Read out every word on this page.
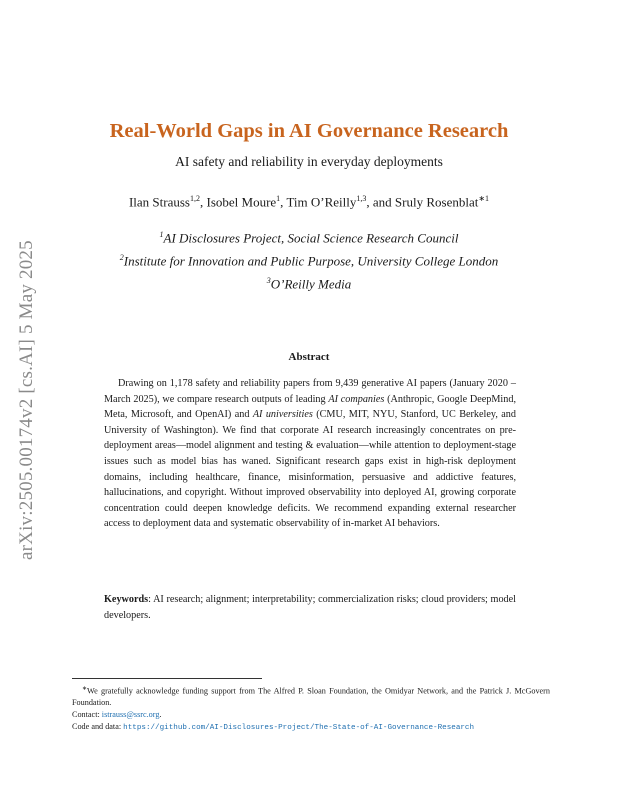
arXiv:2505.00174v2 [cs.AI] 5 May 2025
Real-World Gaps in AI Governance Research
AI safety and reliability in everyday deployments
Ilan Strauss$^{1,2}$, Isobel Moure$^1$, Tim O’Reilly$^{1,3}$, and Sruly Rosenblat$^{∗1}$
$^1$AI Disclosures Project, Social Science Research Council
$^2$Institute for Innovation and Public Purpose, University College London
$^3$O’Reilly Media
Abstract

Drawing on 1,178 safety and reliability papers from 9,439 generative AI papers (January 2020 – March 2025), we compare research outputs of leading AI companies (Anthropic, Google DeepMind, Meta, Microsoft, and OpenAI) and AI universities (CMU, MIT, NYU, Stanford, UC Berkeley, and University of Washington). We find that corporate AI research increasingly concentrates on pre-deployment areas—model alignment and testing & evaluation—while attention to deployment-stage issues such as model bias has waned. Significant research gaps exist in high-risk deployment domains, including healthcare, finance, misinformation, persuasive and addictive features, hallucinations, and copyright. Without improved observability into deployed AI, growing corporate concentration could deepen knowledge deficits. We recommend expanding external researcher access to deployment data and systematic observability of in-market AI behaviors.

Keywords: AI research; alignment; interpretability; commercialization risks; cloud providers; model developers.

∗We gratefully acknowledge funding support from The Alfred P. Sloan Foundation, the Omidyar Network, and the Patrick J. McGovern Foundation.

Contact: istrauss@ssrc.org.

Code and data: https://github.com/AI-Disclosures-Project/The-State-of-AI-Governance-Research
